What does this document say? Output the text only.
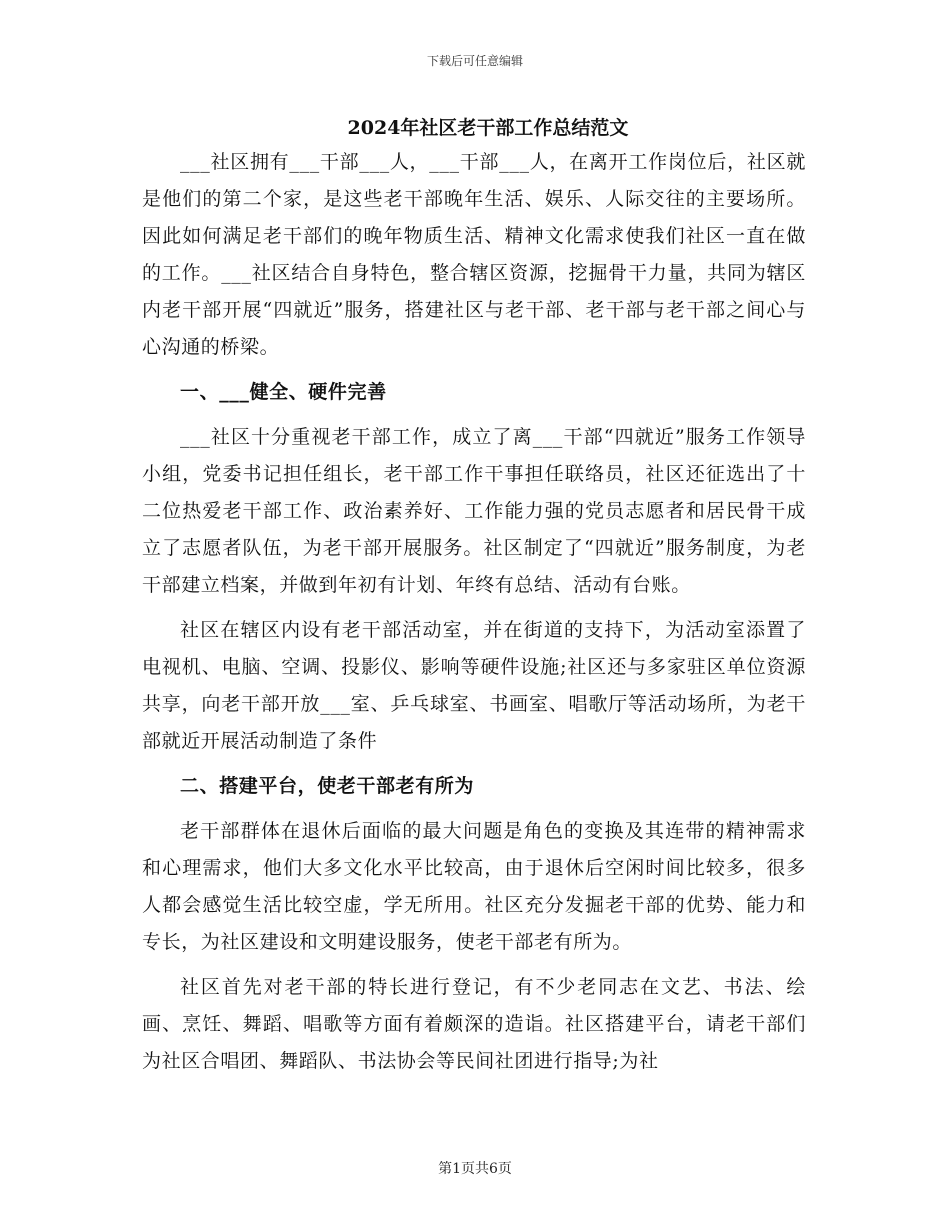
下载后可任意编辑

2024年社区老干部工作总结范文

___社区拥有___干部___人，___干部___人，在离开工作岗位后，社区就是他们的第二个家，是这些老干部晚年生活、娱乐、人际交往的主要场所。因此如何满足老干部们的晚年物质生活、精神文化需求使我们社区一直在做的工作。___社区结合自身特色，整合辖区资源，挖掘骨干力量，共同为辖区内老干部开展“四就近”服务，搭建社区与老干部、老干部与老干部之间心与心沟通的桥梁。

一、___健全、硬件完善

___社区十分重视老干部工作，成立了离___干部“四就近”服务工作领导小组，党委书记担任组长，老干部工作干事担任联络员，社区还征选出了十二位热爱老干部工作、政治素养好、工作能力强的党员志愿者和居民骨干成立了志愿者队伍，为老干部开展服务。社区制定了“四就近”服务制度，为老干部建立档案，并做到年初有计划、年终有总结、活动有台账。

社区在辖区内设有老干部活动室，并在街道的支持下，为活动室添置了电视机、电脑、空调、投影仪、影响等硬件设施;社区还与多家驻区单位资源共享，向老干部开放___室、乒乓球室、书画室、唱歌厅等活动场所，为老干部就近开展活动制造了条件

二、搭建平台，使老干部老有所为

老干部群体在退休后面临的最大问题是角色的变换及其连带的精神需求和心理需求，他们大多文化水平比较高，由于退休后空闲时间比较多，很多人都会感觉生活比较空虚，学无所用。社区充分发掘老干部的优势、能力和专长，为社区建设和文明建设服务，使老干部老有所为。

社区首先对老干部的特长进行登记，有不少老同志在文艺、书法、绘画、烹饪、舞蹈、唱歌等方面有着颇深的造诣。社区搭建平台，请老干部们为社区合唱团、舞蹈队、书法协会等民间社团进行指导;为社

第1页共6页
